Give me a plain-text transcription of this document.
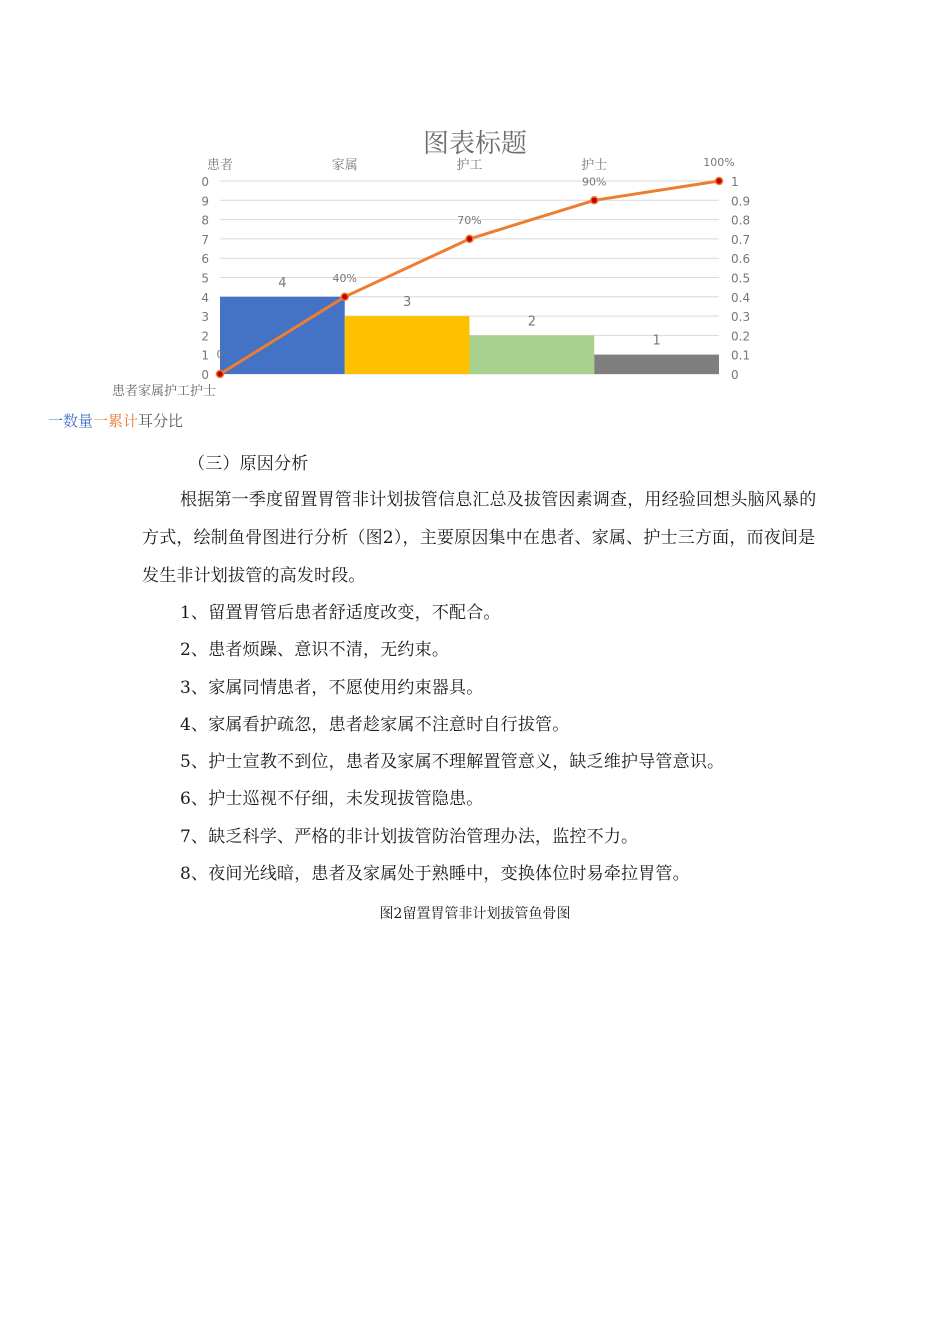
0
1
2
3
4
5
6
7
8
9
0
0
0.1
0.2
0.3
0.4
0.5
0.6
0.7
0.8
0.9
1
患者	家属	护工	护士
4
3
2
1
0
40%
70%
90%
100%
图表标题
患者家属护工护士
一数量一累计耳分比
（三）原因分析
根据第一季度留置胃管非计划拔管信息汇总及拔管因素调查，用经验回想头脑风暴的
方式，绘制鱼骨图进行分析（图2），主要原因集中在患者、家属、护士三方面，而夜间是
发生非计划拔管的高发时段。
1、留置胃管后患者舒适度改变，不配合。
2、患者烦躁、意识不清，无约束。
3、家属同情患者，不愿使用约束器具。
4、家属看护疏忽，患者趁家属不注意时自行拔管。
5、护士宣教不到位，患者及家属不理解置管意义，缺乏维护导管意识。
6、护士巡视不仔细，未发现拔管隐患。
7、缺乏科学、严格的非计划拔管防治管理办法，监控不力。
8、夜间光线暗，患者及家属处于熟睡中，变换体位时易牵拉胃管。
图2留置胃管非计划拔管鱼骨图
